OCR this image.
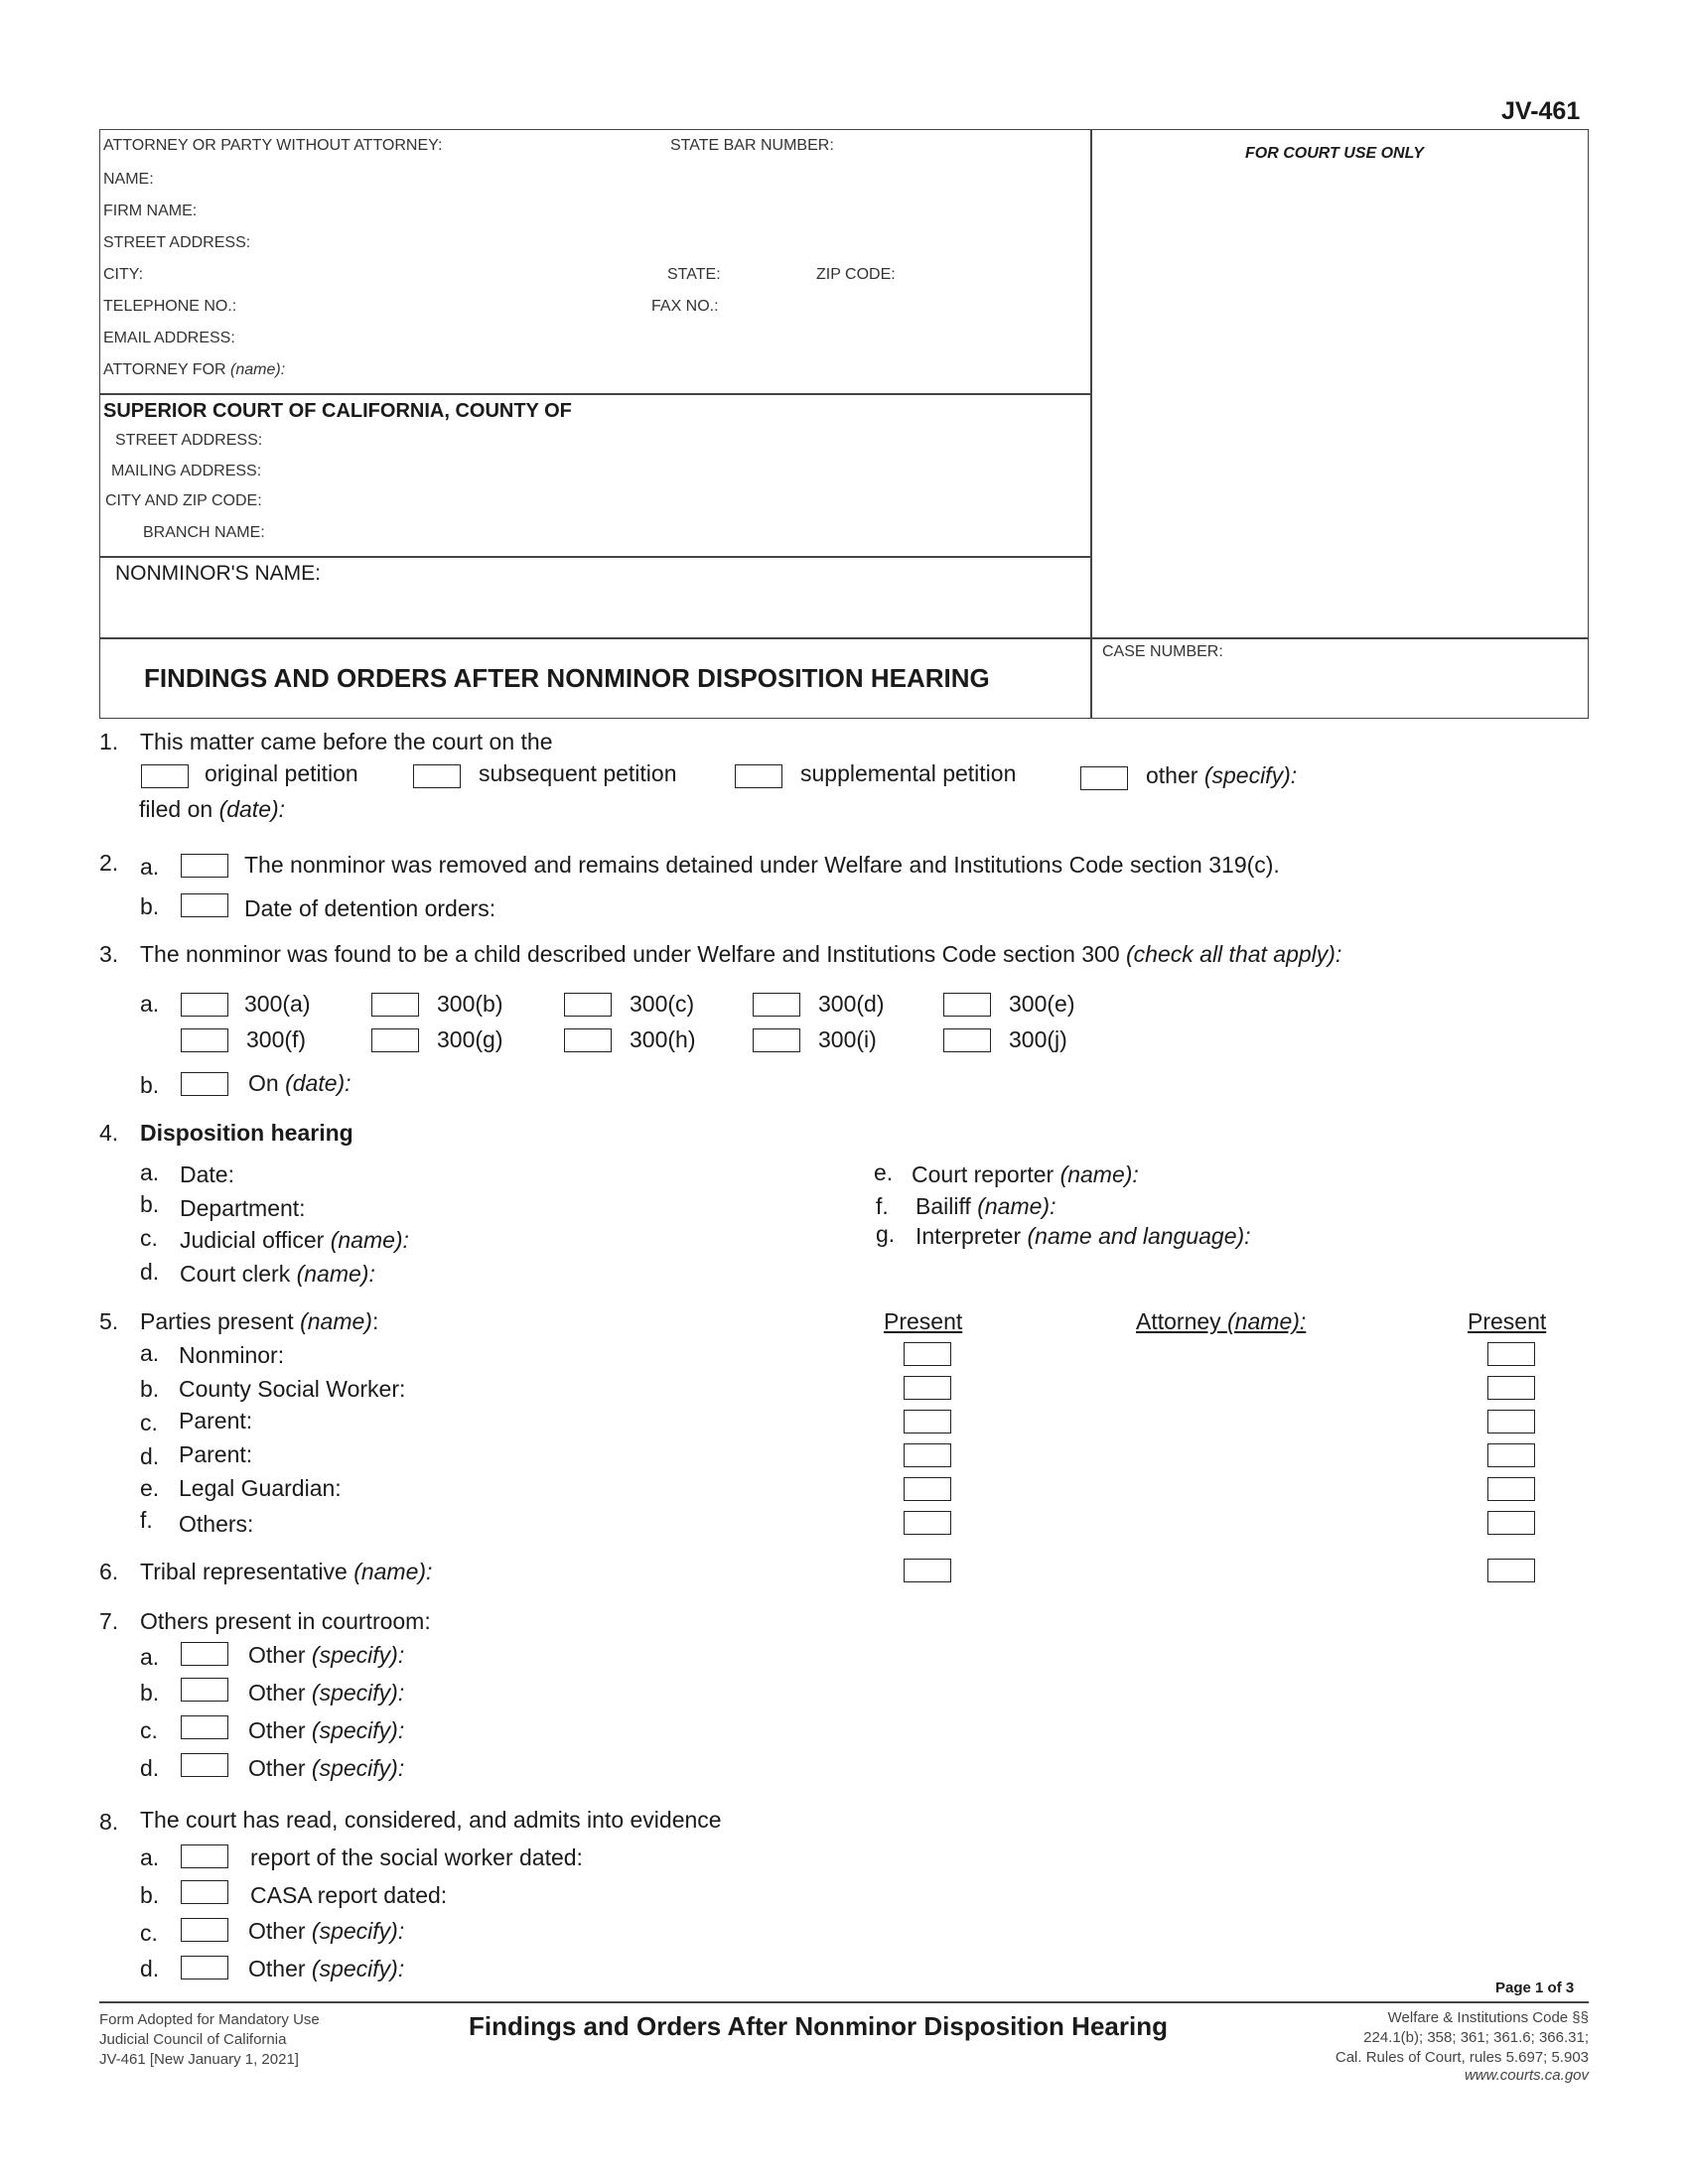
JV-461
ATTORNEY OR PARTY WITHOUT ATTORNEY:	STATE BAR NUMBER:
NAME:
FIRM NAME:
STREET ADDRESS:
CITY:	STATE:	ZIP CODE:
TELEPHONE NO.:	FAX NO.:
EMAIL ADDRESS:
ATTORNEY FOR (name):
FOR COURT USE ONLY
SUPERIOR COURT OF CALIFORNIA, COUNTY OF
STREET ADDRESS:
MAILING ADDRESS:
CITY AND ZIP CODE:
BRANCH NAME:
NONMINOR'S NAME:
CASE NUMBER:
FINDINGS AND ORDERS AFTER NONMINOR DISPOSITION HEARING
1. This matter came before the court on the
original petition	subsequent petition	supplemental petition	other (specify):
filed on (date):
2. a.	The nonminor was removed and remains detained under Welfare and Institutions Code section 319(c).
b.	Date of detention orders:
3. The nonminor was found to be a child described under Welfare and Institutions Code section 300 (check all that apply):
a.	300(a)	300(b)	300(c)	300(d)	300(e)
300(f)	300(g)	300(h)	300(i)	300(j)
b.	On (date):
4. Disposition hearing
a. Date:
b. Department:
c. Judicial officer (name):
d. Court clerk (name):
e. Court reporter (name):
f. Bailiff (name):
g. Interpreter (name and language):
5. Parties present (name):	Present	Attorney (name):	Present
a. Nonminor:
b. County Social Worker:
c. Parent:
d. Parent:
e. Legal Guardian:
f. Others:
6. Tribal representative (name):
7. Others present in courtroom:
a.	Other (specify):
b.	Other (specify):
c.	Other (specify):
d.	Other (specify):
8. The court has read, considered, and admits into evidence
a.	report of the social worker dated:
b.	CASA report dated:
c.	Other (specify):
d.	Other (specify):
Page 1 of 3
Form Adopted for Mandatory Use
Judicial Council of California
JV-461 [New January 1, 2021]
Findings and Orders After Nonminor Disposition Hearing	Welfare & Institutions Code §§
224.1(b); 358; 361; 361.6; 366.31;
Cal. Rules of Court, rules 5.697; 5.903
www.courts.ca.gov
